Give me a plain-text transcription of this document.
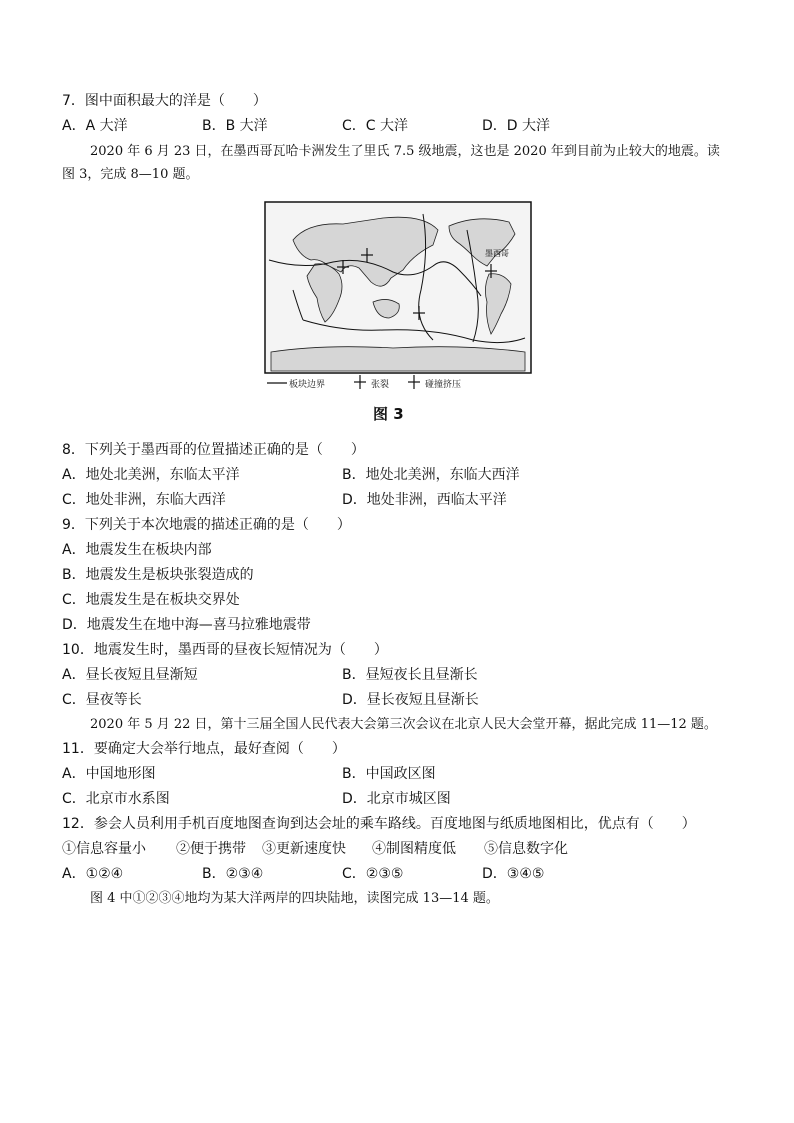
7．图中面积最大的洋是（　　）
A．A 大洋	B．B 大洋	C．C 大洋	D．D 大洋
2020 年 6 月 23 日，在墨西哥瓦哈卡洲发生了里氏 7.5 级地震，这也是 2020 年到目前为止较大的地震。读
图 3，完成 8—10 题。
墨西哥
板块边界	张裂	碰撞挤压
图 3
8．下列关于墨西哥的位置描述正确的是（　　）
A．地处北美洲，东临太平洋	B．地处北美洲，东临大西洋
C．地处非洲，东临大西洋	D．地处非洲，西临太平洋
9．下列关于本次地震的描述正确的是（　　）
A．地震发生在板块内部
B．地震发生是板块张裂造成的
C．地震发生是在板块交界处
D．地震发生在地中海—喜马拉雅地震带
10．地震发生时，墨西哥的昼夜长短情况为（　　）
A．昼长夜短且昼渐短	B．昼短夜长且昼渐长
C．昼夜等长	D．昼长夜短且昼渐长
2020 年 5 月 22 日，第十三届全国人民代表大会第三次会议在北京人民大会堂开幕，据此完成 11—12 题。
11．要确定大会举行地点，最好查阅（　　）
A．中国地形图	B．中国政区图
C．北京市水系图	D．北京市城区图
12．参会人员利用手机百度地图查询到达会址的乘车路线。百度地图与纸质地图相比，优点有（　　）
①信息容量小 ②便于携带 ③更新速度快 ④制图精度低 ⑤信息数字化
A．①②④	B．②③④	C．②③⑤	D．③④⑤
图 4 中①②③④地均为某大洋两岸的四块陆地，读图完成 13—14 题。
